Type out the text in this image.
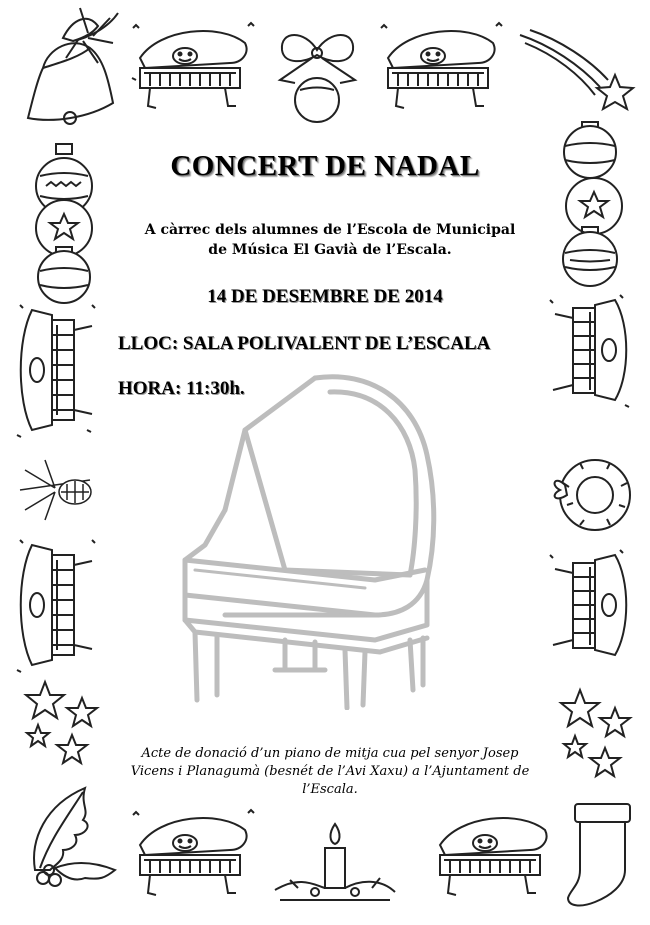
CONCERT DE NADAL
A càrrec dels alumnes de l’Escola de Municipal
de Música El Gavià de l’Escala.
14 DE DESEMBRE DE 2014
LLOC: SALA POLIVALENT DE L’ESCALA
HORA: 11:30h.
Acte de donació d’un piano de mitja cua pel senyor Josep
Vicens i Planagumà (besnét de l’Avi Xaxu) a l’Ajuntament de
l’Escala.
